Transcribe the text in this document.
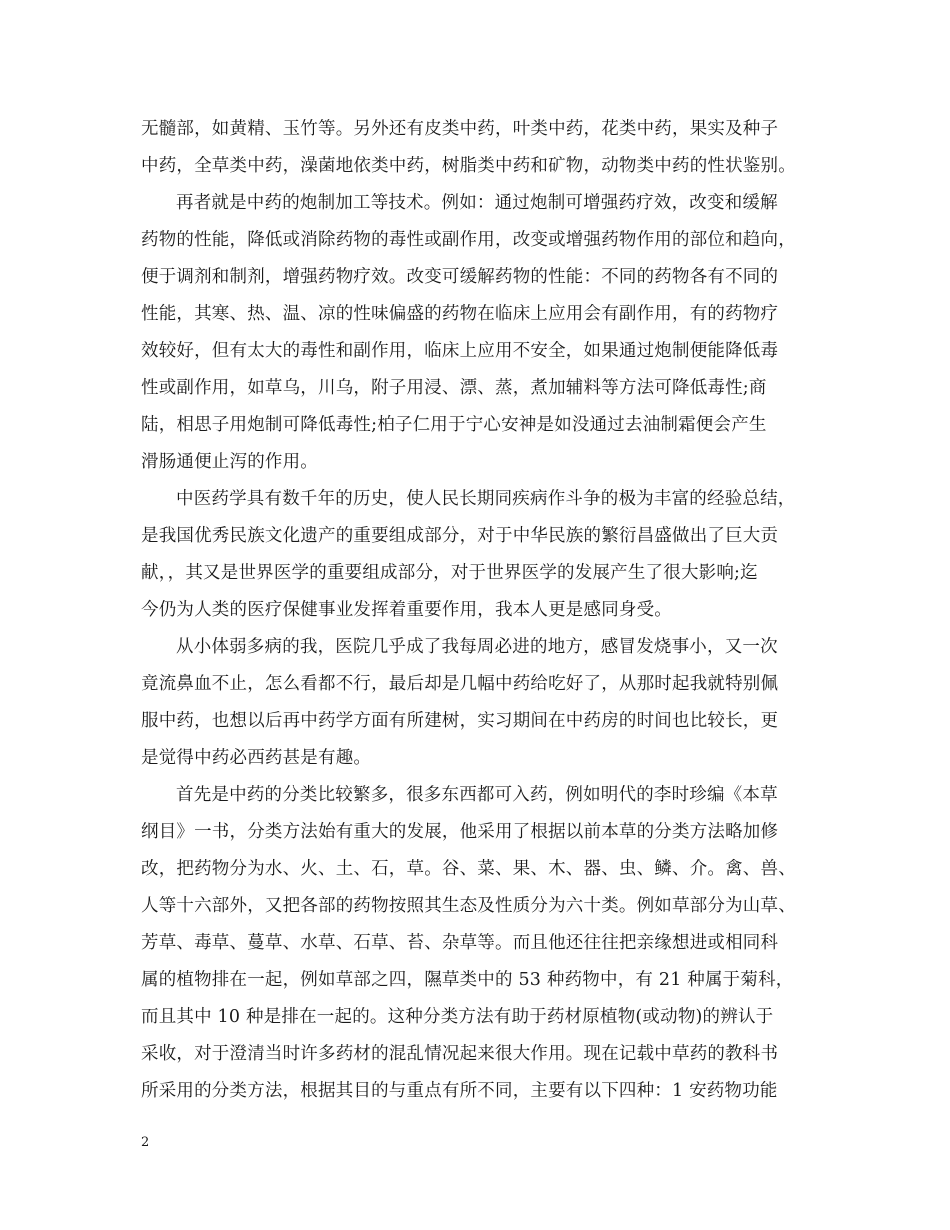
无髓部，如黄精、玉竹等。另外还有皮类中药，叶类中药，花类中药，果实及种子
中药，全草类中药，澡菌地依类中药，树脂类中药和矿物，动物类中药的性状鉴别。
再者就是中药的炮制加工等技术。例如：通过炮制可增强药疗效，改变和缓解
药物的性能，降低或消除药物的毒性或副作用，改变或增强药物作用的部位和趋向，
便于调剂和制剂，增强药物疗效。改变可缓解药物的性能：不同的药物各有不同的
性能，其寒、热、温、凉的性味偏盛的药物在临床上应用会有副作用，有的药物疗
效较好，但有太大的毒性和副作用，临床上应用不安全，如果通过炮制便能降低毒
性或副作用，如草乌，川乌，附子用浸、漂、蒸，煮加辅料等方法可降低毒性;商
陆，相思子用炮制可降低毒性;柏子仁用于宁心安神是如没通过去油制霜便会产生
滑肠通便止泻的作用。
中医药学具有数千年的历史，使人民长期同疾病作斗争的极为丰富的经验总结，
是我国优秀民族文化遗产的重要组成部分，对于中华民族的繁衍昌盛做出了巨大贡
献，，其又是世界医学的重要组成部分，对于世界医学的发展产生了很大影响;迄
今仍为人类的医疗保健事业发挥着重要作用，我本人更是感同身受。
从小体弱多病的我，医院几乎成了我每周必进的地方，感冒发烧事小，又一次
竟流鼻血不止，怎么看都不行，最后却是几幅中药给吃好了，从那时起我就特别佩
服中药，也想以后再中药学方面有所建树，实习期间在中药房的时间也比较长，更
是觉得中药必西药甚是有趣。
首先是中药的分类比较繁多，很多东西都可入药，例如明代的李时珍编《本草
纲目》一书，分类方法始有重大的发展，他采用了根据以前本草的分类方法略加修
改，把药物分为水、火、土、石，草。谷、菜、果、木、器、虫、鳞、介。禽、兽、
人等十六部外，又把各部的药物按照其生态及性质分为六十类。例如草部分为山草、
芳草、毒草、蔓草、水草、石草、苔、杂草等。而且他还往往把亲缘想进或相同科
属的植物排在一起，例如草部之四，隰草类中的 53 种药物中，有 21 种属于菊科，
而且其中 10 种是排在一起的。这种分类方法有助于药材原植物(或动物)的辨认于
采收，对于澄清当时许多药材的混乱情况起来很大作用。现在记载中草药的教科书
所采用的分类方法，根据其目的与重点有所不同，主要有以下四种：1 安药物功能
2
